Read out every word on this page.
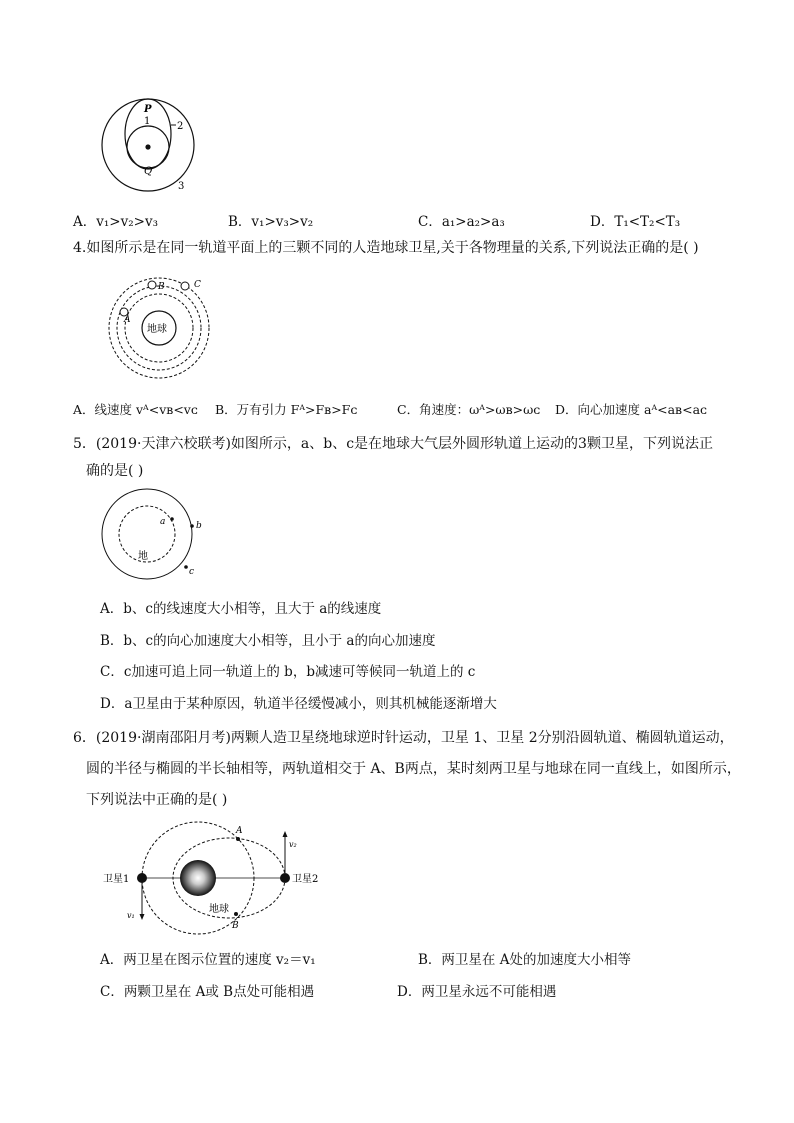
P
1	2
Q
3
A．v₁>v₂>v₃	B．v₁>v₃>v₂	C．a₁>a₂>a₃	D．T₁<T₂<T₃
4.如图所示是在同一轨道平面上的三颗不同的人造地球卫星,关于各物理量的关系,下列说法正确的是( )
地球
A
B	C
A．线速度 vᴬ<vʙ<vᴄ B．万有引力 Fᴬ>Fʙ>Fᴄ	C．角速度：ωᴬ>ωʙ>ωᴄ D．向心加速度 aᴬ<aʙ<aᴄ
5．(2019·天津六校联考)如图所示，a、b、c是在地球大气层外圆形轨道上运动的3颗卫星，下列说法正
确的是( )
a	b
c
地
A．b、c的线速度大小相等，且大于 a的线速度
B．b、c的向心加速度大小相等，且小于 a的向心加速度
C．c加速可追上同一轨道上的 b，b减速可等候同一轨道上的 c
D．a卫星由于某种原因，轨道半径缓慢减小，则其机械能逐渐增大
6．(2019·湖南邵阳月考)两颗人造卫星绕地球逆时针运动，卫星 1、卫星 2分别沿圆轨道、椭圆轨道运动，
圆的半径与椭圆的半长轴相等，两轨道相交于 A、B两点，某时刻两卫星与地球在同一直线上，如图所示，
下列说法中正确的是( )
卫星1	卫星2
地球
A
B
v₂
v₁
A．两卫星在图示位置的速度 v₂＝v₁	B．两卫星在 A处的加速度大小相等
C．两颗卫星在 A或 B点处可能相遇	D．两卫星永远不可能相遇
